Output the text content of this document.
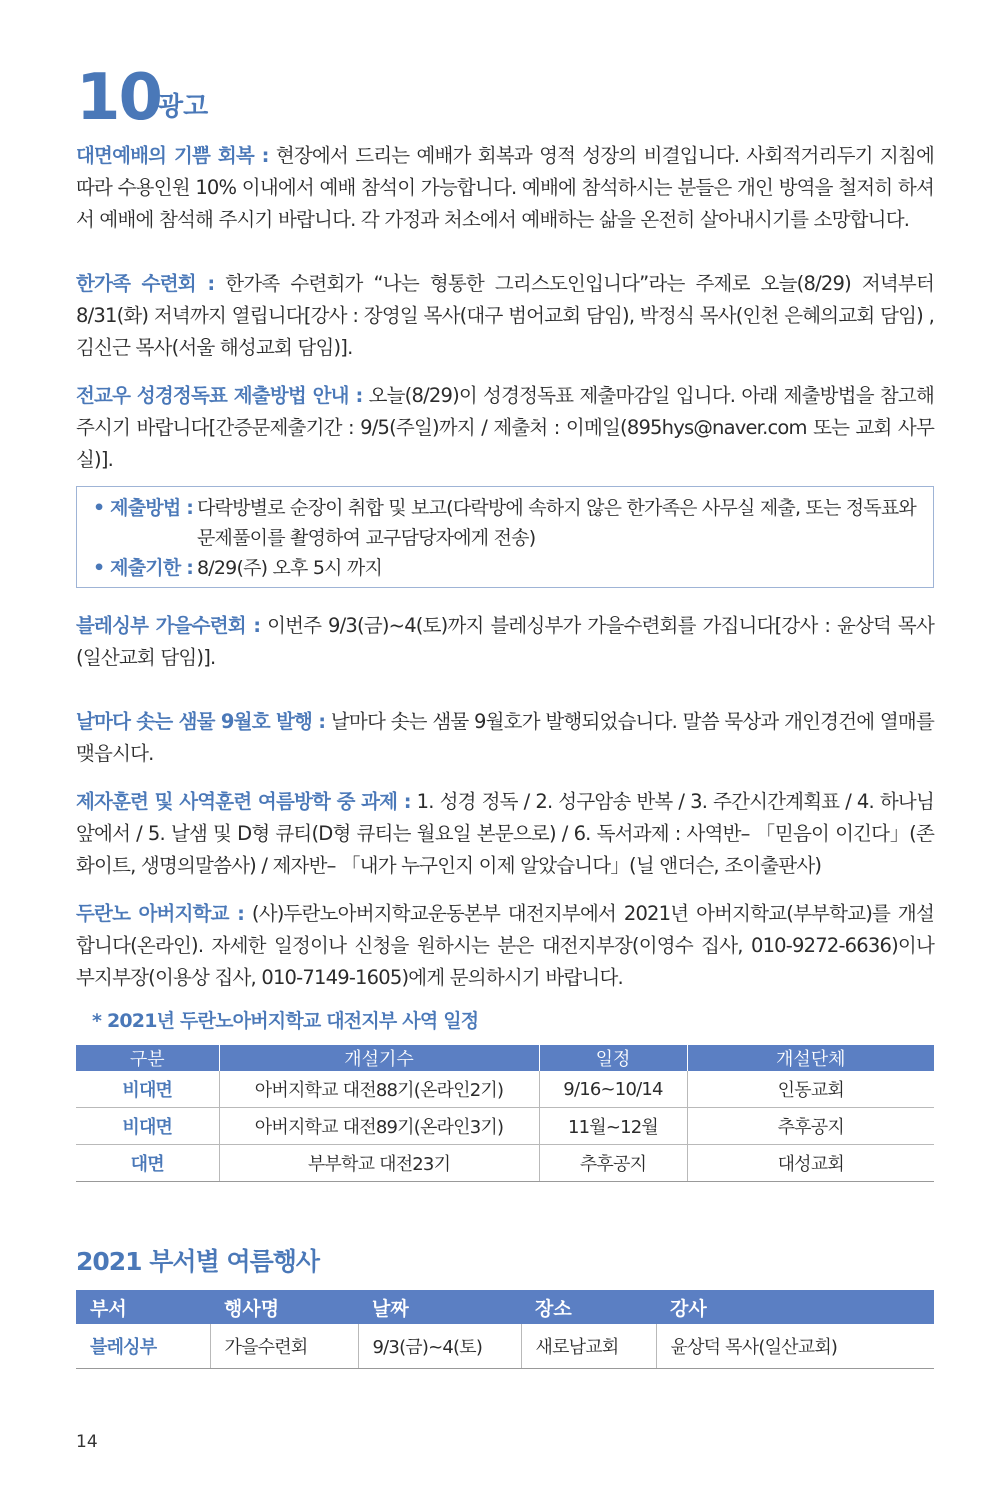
10
광고

대면예배의 기쁨 회복 : 현장에서 드리는 예배가 회복과 영적 성장의 비결입니다. 사회적거리두기 지침에 따라 수용인원 10% 이내에서 예배 참석이 가능합니다. 예배에 참석하시는 분들은 개인 방역을 철저히 하셔서 예배에 참석해 주시기 바랍니다. 각 가정과 처소에서 예배하는 삶을 온전히 살아내시기를 소망합니다.

한가족 수련회 : 한가족 수련회가 “나는 형통한 그리스도인입니다”라는 주제로 오늘(8/29) 저녁부터 8/31(화) 저녁까지 열립니다[강사 : 장영일 목사(대구 범어교회 담임), 박정식 목사(인천 은혜의교회 담임) , 김신근 목사(서울 해성교회 담임)].

전교우 성경정독표 제출방법 안내 : 오늘(8/29)이 성경정독표 제출마감일 입니다. 아래 제출방법을 참고해주시기 바랍니다[간증문제출기간 : 9/5(주일)까지 / 제출처 : 이메일(895hys@naver.com 또는 교회 사무실)].

• 제출방법 : 다락방별로 순장이 취합 및 보고(다락방에 속하지 않은 한가족은 사무실 제출, 또는 정독표와 문제풀이를 촬영하여 교구담당자에게 전송)
• 제출기한 : 8/29(주) 오후 5시 까지

블레싱부 가을수련회 : 이번주 9/3(금)~4(토)까지 블레싱부가 가을수련회를 가집니다[강사 : 윤상덕 목사(일산교회 담임)].

날마다 솟는 샘물 9월호 발행 : 날마다 솟는 샘물 9월호가 발행되었습니다. 말씀 묵상과 개인경건에 열매를 맺읍시다.

제자훈련 및 사역훈련 여름방학 중 과제 : 1. 성경 정독 / 2. 성구암송 반복 / 3. 주간시간계획표 / 4. 하나님 앞에서 / 5. 날샘 및 D형 큐티(D형 큐티는 월요일 본문으로) / 6. 독서과제 : 사역반– 「믿음이 이긴다」(존 화이트, 생명의말씀사) / 제자반– 「내가 누구인지 이제 알았습니다」(닐 앤더슨, 조이출판사)

두란노 아버지학교 : (사)두란노아버지학교운동본부 대전지부에서 2021년 아버지학교(부부학교)를 개설합니다(온라인). 자세한 일정이나 신청을 원하시는 분은 대전지부장(이영수 집사, 010-9272-6636)이나 부지부장(이용상 집사, 010-7149-1605)에게 문의하시기 바랍니다.

* 2021년 두란노아버지학교 대전지부 사역 일정
구분	개설기수	일정	개설단체
비대면	아버지학교 대전88기(온라인2기)	9/16~10/14	인동교회
비대면	아버지학교 대전89기(온라인3기)	11월~12월	추후공지
대면	부부학교 대전23기	추후공지	대성교회
2021 부서별 여름행사
부서	행사명	날짜	장소	강사
블레싱부	가을수련회	9/3(금)~4(토)	새로남교회	윤상덕 목사(일산교회)
14
